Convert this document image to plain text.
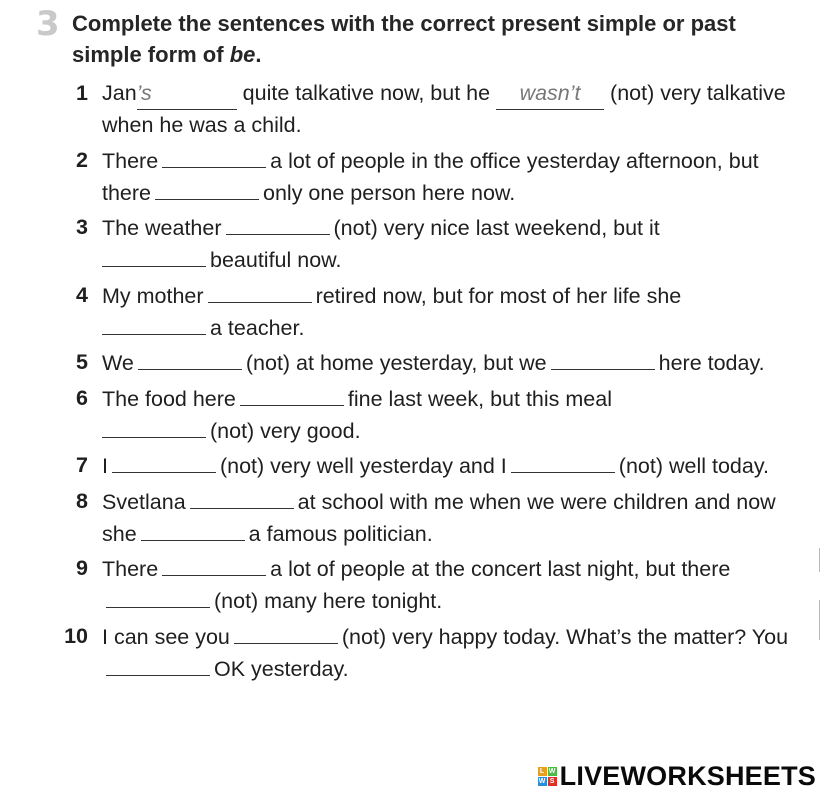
3 Complete the sentences with the correct present simple or past simple form of be.
1 Jan’s	quite talkative now, but he wasn’t (not) very talkative when he was a child.
2 There	a lot of people in the office yesterday afternoon, but there	only one person here now.
3 The weather	(not) very nice last weekend, but it
beautiful now.
4 My mother	retired now, but for most of her life she
a teacher.
5 We	(not) at home yesterday, but we	here today.
6 The food here	fine last week, but this meal
(not) very good.
7 I	(not) very well yesterday and I	(not) well today.
8 Svetlana	at school with me when we were children and now she	a famous politician.
9 There	a lot of people at the concert last night, but there(not) many here tonight.
10 I can see you	(not) very happy today. What’s the matter? YouOK yesterday.
L W
W S LIVEWORKSHEETS
